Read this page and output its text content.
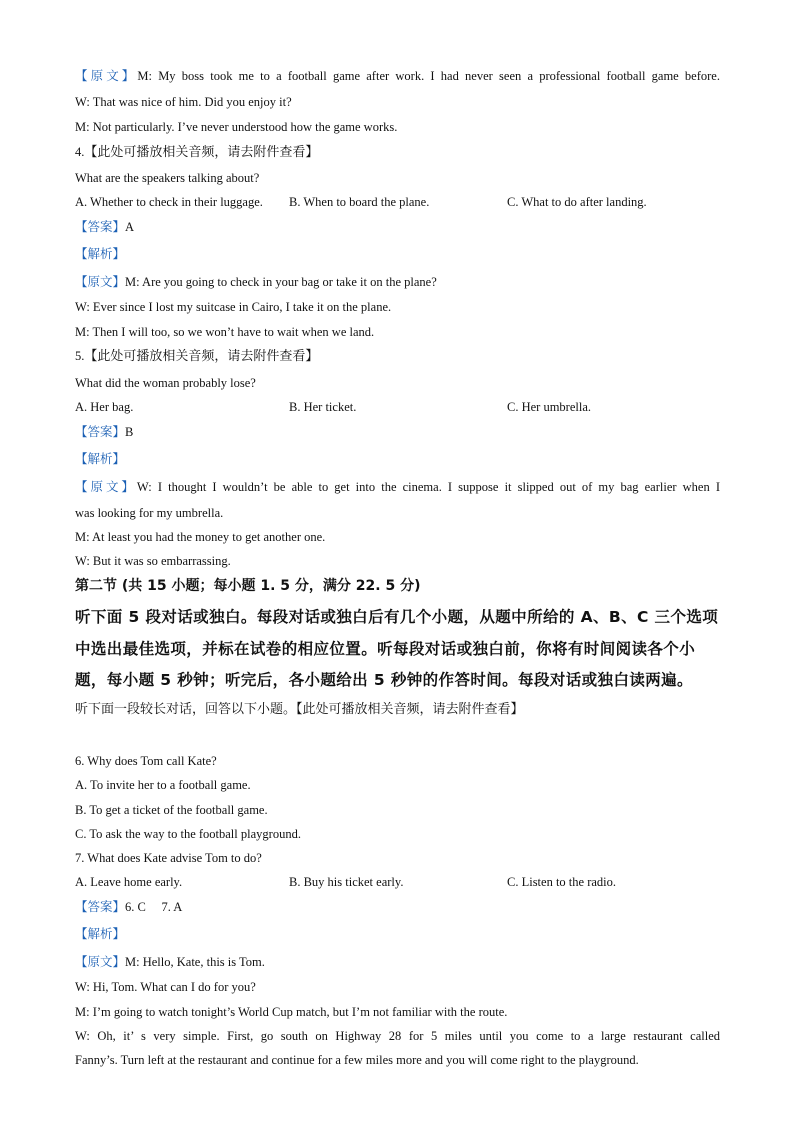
【原文】M: My boss took me to a football game after work. I had never seen a professional football game before.
W: That was nice of him. Did you enjoy it?
M: Not particularly. I’ve never understood how the game works.
4.【此处可播放相关音频，请去附件查看】
What are the speakers talking about?
A. Whether to check in their luggage. B. When to board the plane.	C. What to do after landing.
【答案】A
【解析】
【原文】M: Are you going to check in your bag or take it on the plane?
W: Ever since I lost my suitcase in Cairo, I take it on the plane.
M: Then I will too, so we won’t have to wait when we land.
5.【此处可播放相关音频，请去附件查看】
What did the woman probably lose?
A. Her bag.	B. Her ticket.	C. Her umbrella.
【答案】B
【解析】
【原文】W: I thought I wouldn’t be able to get into the cinema. I suppose it slipped out of my bag earlier when I
was looking for my umbrella.
M: At least you had the money to get another one.
W: But it was so embarrassing.
第二节 (共 15 小题；每小题 1. 5 分，满分 22. 5 分)
听下面 5 段对话或独白。每段对话或独白后有几个小题，从题中所给的 A、B、C 三个选项
中选出最佳选项，并标在试卷的相应位置。听每段对话或独白前，你将有时间阅读各个小
题，每小题 5 秒钟；听完后，各小题给出 5 秒钟的作答时间。每段对话或独白读两遍。
听下面一段较长对话，回答以下小题。【此处可播放相关音频，请去附件查看】
6. Why does Tom call Kate?
A. To invite her to a football game.
B. To get a ticket of the football game.
C. To ask the way to the football playground.
7. What does Kate advise Tom to do?
A. Leave home early.	B. Buy his ticket early.	C. Listen to the radio.
【答案】6. C     7. A
【解析】
【原文】M: Hello, Kate, this is Tom.
W: Hi, Tom. What can I do for you?
M: I’m going to watch tonight’s World Cup match, but I’m not familiar with the route.
W: Oh, it’ s very simple. First, go south on Highway 28 for 5 miles until you come to a large restaurant called
Fanny’s. Turn left at the restaurant and continue for a few miles more and you will come right to the playground.
